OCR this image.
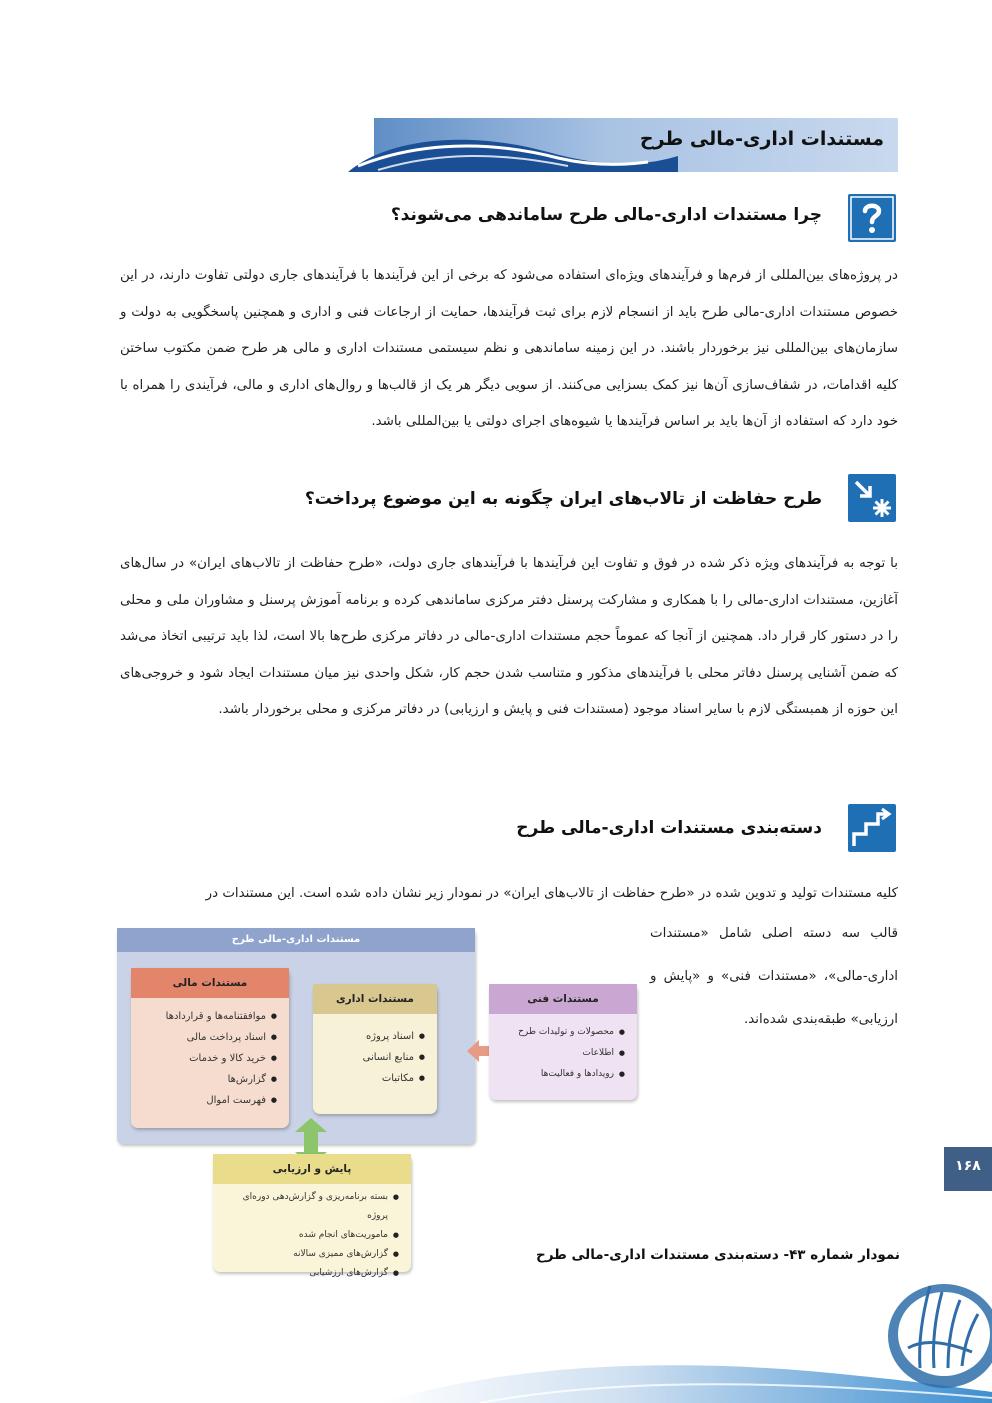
مستندات اداری-مالی طرح
چرا مستندات اداری-مالی طرح ساماندهی می‌شوند؟

در پروژه‌های بین‌المللی از فرم‌ها و فرآیندهای ویژه‌ای استفاده می‌شود که برخی از این فرآیندها با فرآیندهای جاری دولتی تفاوت دارند، در این خصوص مستندات اداری-مالی طرح باید از انسجام لازم برای ثبت فرآیندها، حمایت از ارجاعات فنی و اداری و همچنین پاسخگویی به دولت و سازمان‌های بین‌المللی نیز برخوردار باشند. در این زمینه ساماندهی و نظم سیستمی مستندات اداری و مالی هر طرح ضمن مکتوب ساختن کلیه اقدامات، در شفاف‌سازی آن‌ها نیز کمک بسزایی می‌کنند. از سویی دیگر هر یک از قالب‌ها و روال‌های اداری و مالی، فرآیندی را همراه با خود دارد که استفاده از آن‌ها باید بر اساس فرآیندها یا شیوه‌های اجرای دولتی یا بین‌المللی باشد.

طرح حفاظت از تالاب‌های ایران چگونه به این موضوع پرداخت؟

با توجه به فرآیندهای ویژه ذکر شده در فوق و تفاوت این فرآیندها با فرآیندهای جاری دولت، «طرح حفاظت از تالاب‌های ایران» در سال‌های آغازین، مستندات اداری-مالی را با همکاری و مشارکت پرسنل دفتر مرکزی ساماندهی کرده و برنامه آموزش پرسنل و مشاوران ملی و محلی را در دستور کار قرار داد. همچنین از آنجا که عموماً حجم مستندات اداری-مالی در دفاتر مرکزی طرح‌ها بالا است، لذا باید ترتیبی اتخاذ می‌شد که ضمن آشنایی پرسنل دفاتر محلی با فرآیندهای مذکور و متناسب شدن حجم کار، شکل واحدی نیز میان مستندات ایجاد شود و خروجی‌های این حوزه از همبستگی لازم با سایر اسناد موجود (مستندات فنی و پایش و ارزیابی) در دفاتر مرکزی و محلی برخوردار باشد.

دسته‌بندی مستندات اداری-مالی طرح

کلیه مستندات تولید و تدوین شده در «طرح حفاظت از تالاب‌های ایران» در نمودار زیر نشان داده شده است. این مستندات در

قالب سه دسته اصلی شامل «مستندات اداری-مالی»، «مستندات فنی» و «پایش و ارزیابی» طبقه‌بندی شده‌اند.
مستندات اداری-مالی طرح
مستندات مالی
● موافقتنامه‌ها و قراردادها
● اسناد پرداخت مالی
● خرید کالا و خدمات
● گزارش‌ها
● فهرست اموال
مستندات اداری
● اسناد پروژه
● منابع انسانی
● مکاتبات
مستندات فنی
● محصولات و تولیدات طرح
● اطلاعات
● رویدادها و فعالیت‌ها
پایش و ارزیابی
● بسته برنامه‌ریزی و گزارش‌دهی دوره‌ای پروژه
● ماموریت‌های انجام شده
● گزارش‌های ممیزی سالانه
● گزارش‌های ارزشیابی
نمودار شماره ۴۳- دسته‌بندی مستندات اداری-مالی طرح
۱۶۸
